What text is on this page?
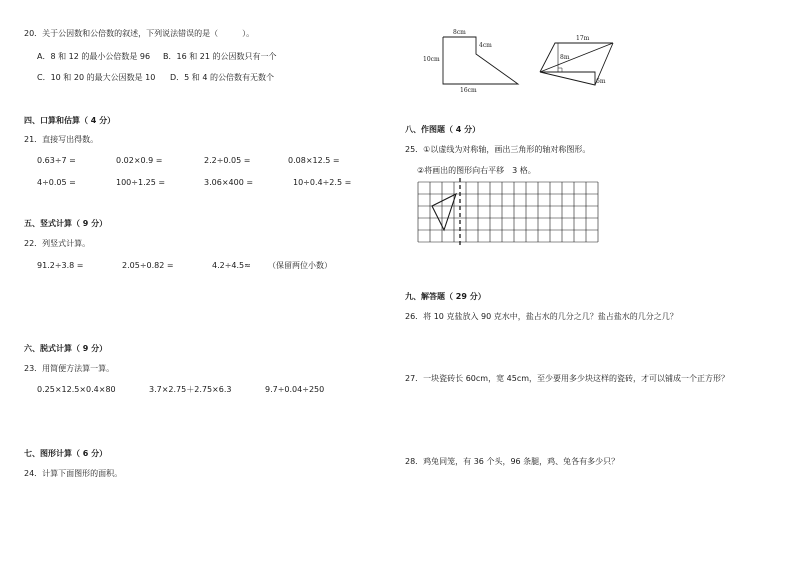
20．关于公因数和公倍数的叙述，下列说法错误的是（　　　）。
A．8 和 12 的最小公倍数是 96 B．16 和 21 的公因数只有一个
C．10 和 20 的最大公因数是 10 D．5 和 4 的公倍数有无数个
四、口算和估算（ 4 分）
21．直接写出得数。
0.63÷7 =	0.02×0.9 =	2.2÷0.05 =	0.08×12.5 =
4÷0.05 =	100÷1.25 =	3.06×400 =	10÷0.4÷2.5 =
五、竖式计算（ 9 分）
22．列竖式计算。
91.2÷3.8 =	2.05÷0.82 =	4.2÷4.5≈ （保留两位小数）
六、脱式计算（ 9 分）
23．用简便方法算一算。
0.25×12.5×0.4×80	3.7×2.75＋2.75×6.3	9.7÷0.04÷250
七、图形计算（ 6 分）
24．计算下面图形的面积。
8cm
4cm
10cm
16cm
17m
8m
6m
八、作图题（ 4 分）
25．①以虚线为对称轴，画出三角形的轴对称图形。
②将画出的图形向右平移　3 格。
九、解答题（ 29 分）
26．将 10 克盐放入 90 克水中，盐占水的几分之几？盐占盐水的几分之几？
27．一块瓷砖长 60cm，宽 45cm，至少要用多少块这样的瓷砖，才可以铺成一个正方形？
28．鸡兔同笼，有 36 个头，96 条腿，鸡、兔各有多少只？
